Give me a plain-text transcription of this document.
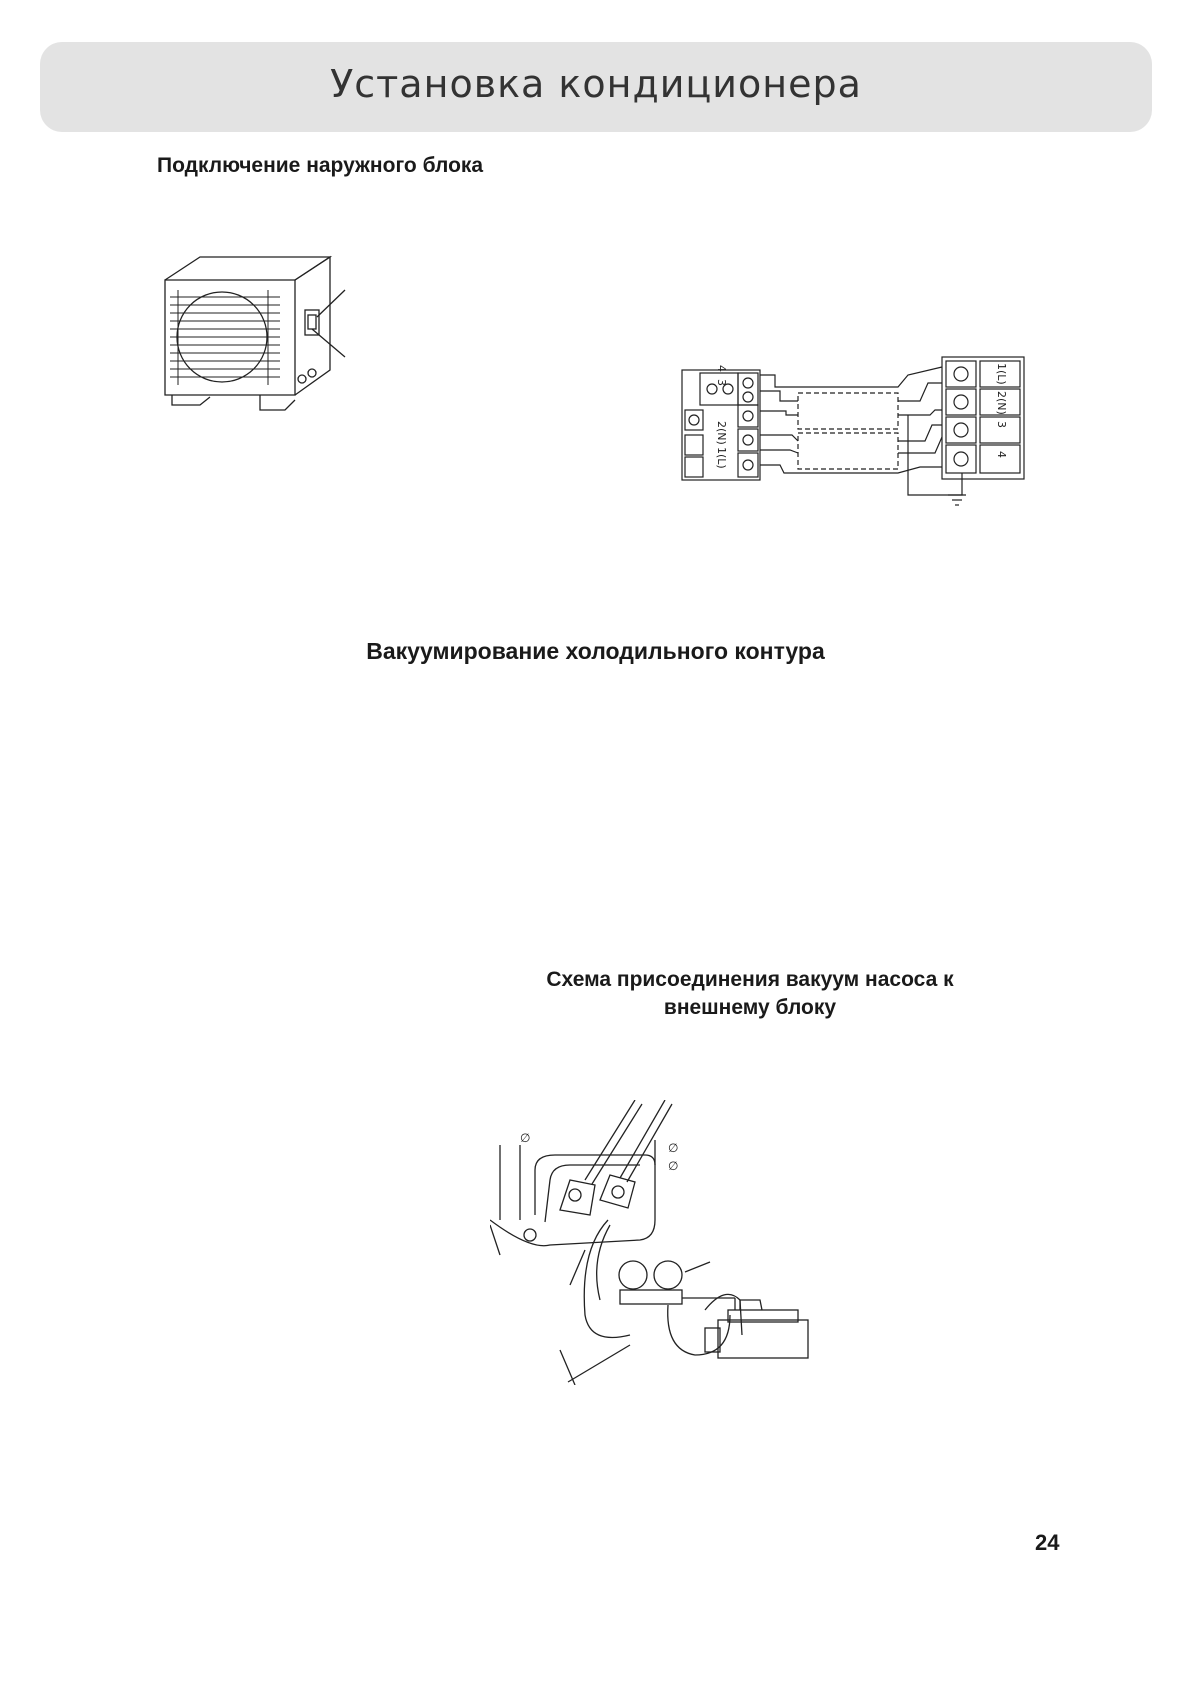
Установка кондиционера
Подключение наружного блока
4
3
2(N)
1(L)
1(L)
2(N)
3
4
Вакуумирование холодильного контура
Схема присоединения вакуум насоса к
внешнему блоку
∅
∅
∅

24
